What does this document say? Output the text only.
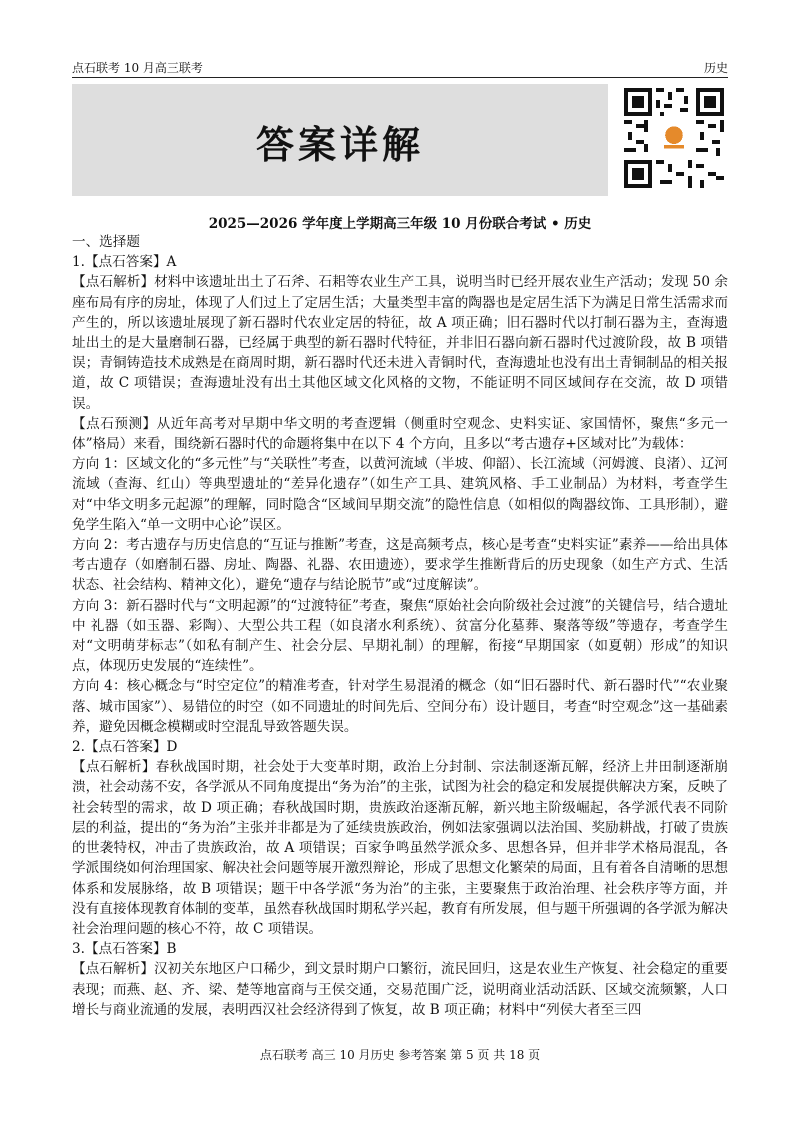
点石联考 10 月高三联考	历史
答案详解
2025—2026 学年度上学期高三年级 10 月份联合考试 • 历史

一、选择题

1.【点石答案】A

【点石解析】材料中该遗址出土了石斧、石耜等农业生产工具，说明当时已经开展农业生产活动；发现 50 余座布局有序的房址，体现了人们过上了定居生活；大量类型丰富的陶器也是定居生活下为满足日常生活需求而产生的，所以该遗址展现了新石器时代农业定居的特征，故 A 项正确；旧石器时代以打制石器为主，查海遗址出土的是大量磨制石器，已经属于典型的新石器时代特征，并非旧石器向新石器时代过渡阶段，故 B 项错误；青铜铸造技术成熟是在商周时期，新石器时代还未进入青铜时代，查海遗址也没有出土青铜制品的相关报道，故 C 项错误；查海遗址没有出土其他区域文化风格的文物，不能证明不同区域间存在交流，故 D 项错误。

【点石预测】从近年高考对早期中华文明的考查逻辑（侧重时空观念、史料实证、家国情怀，聚焦“多元一体”格局）来看，围绕新石器时代的命题将集中在以下 4 个方向，且多以“考古遗存+区域对比”为载体：

方向 1：区域文化的“多元性”与“关联性”考查，以黄河流域（半坡、仰韶）、长江流域（河姆渡、良渚）、辽河流域（查海、红山）等典型遗址的“差异化遗存”（如生产工具、建筑风格、手工业制品）为材料，考查学生对“中华文明多元起源”的理解，同时隐含“区域间早期交流”的隐性信息（如相似的陶器纹饰、工具形制），避免学生陷入“单一文明中心论”误区。

方向 2：考古遗存与历史信息的“互证与推断”考查，这是高频考点，核心是考查“史料实证”素养——给出具体考古遗存（如磨制石器、房址、陶器、礼器、农田遗迹），要求学生推断背后的历史现象（如生产方式、生活状态、社会结构、精神文化），避免“遗存与结论脱节”或“过度解读”。

方向 3：新石器时代与“文明起源”的“过渡特征”考查，聚焦“原始社会向阶级社会过渡”的关键信号，结合遗址中 礼器（如玉器、彩陶）、大型公共工程（如良渚水利系统）、贫富分化墓葬、聚落等级”等遗存，考查学生对“文明萌芽标志”（如私有制产生、社会分层、早期礼制）的理解，衔接“早期国家（如夏朝）形成”的知识点，体现历史发展的“连续性”。

方向 4：核心概念与“时空定位”的精准考查，针对学生易混淆的概念（如“旧石器时代、新石器时代”“农业聚落、城市国家”）、易错位的时空（如不同遗址的时间先后、空间分布）设计题目，考查“时空观念”这一基础素养，避免因概念模糊或时空混乱导致答题失误。

2.【点石答案】D

【点石解析】春秋战国时期，社会处于大变革时期，政治上分封制、宗法制逐渐瓦解，经济上井田制逐渐崩溃，社会动荡不安，各学派从不同角度提出“务为治”的主张，试图为社会的稳定和发展提供解决方案，反映了社会转型的需求，故 D 项正确；春秋战国时期，贵族政治逐渐瓦解，新兴地主阶级崛起，各学派代表不同阶层的利益，提出的“务为治”主张并非都是为了延续贵族政治，例如法家强调以法治国、奖励耕战，打破了贵族的世袭特权，冲击了贵族政治，故 A 项错误；百家争鸣虽然学派众多、思想各异，但并非学术格局混乱，各学派围绕如何治理国家、解决社会问题等展开激烈辩论，形成了思想文化繁荣的局面，且有着各自清晰的思想体系和发展脉络，故 B 项错误；题干中各学派“务为治”的主张，主要聚焦于政治治理、社会秩序等方面，并没有直接体现教育体制的变革，虽然春秋战国时期私学兴起，教育有所发展，但与题干所强调的各学派为解决社会治理问题的核心不符，故 C 项错误。

3.【点石答案】B

【点石解析】汉初关东地区户口稀少，到文景时期户口繁衍，流民回归，这是农业生产恢复、社会稳定的重要表现；而燕、赵、齐、梁、楚等地富商与王侯交通，交易范围广泛，说明商业活动活跃、区域交流频繁，人口增长与商业流通的发展，表明西汉社会经济得到了恢复，故 B 项正确；材料中“列侯大者至三四

点石联考 高三 10 月历史 参考答案 第 5 页 共 18 页
